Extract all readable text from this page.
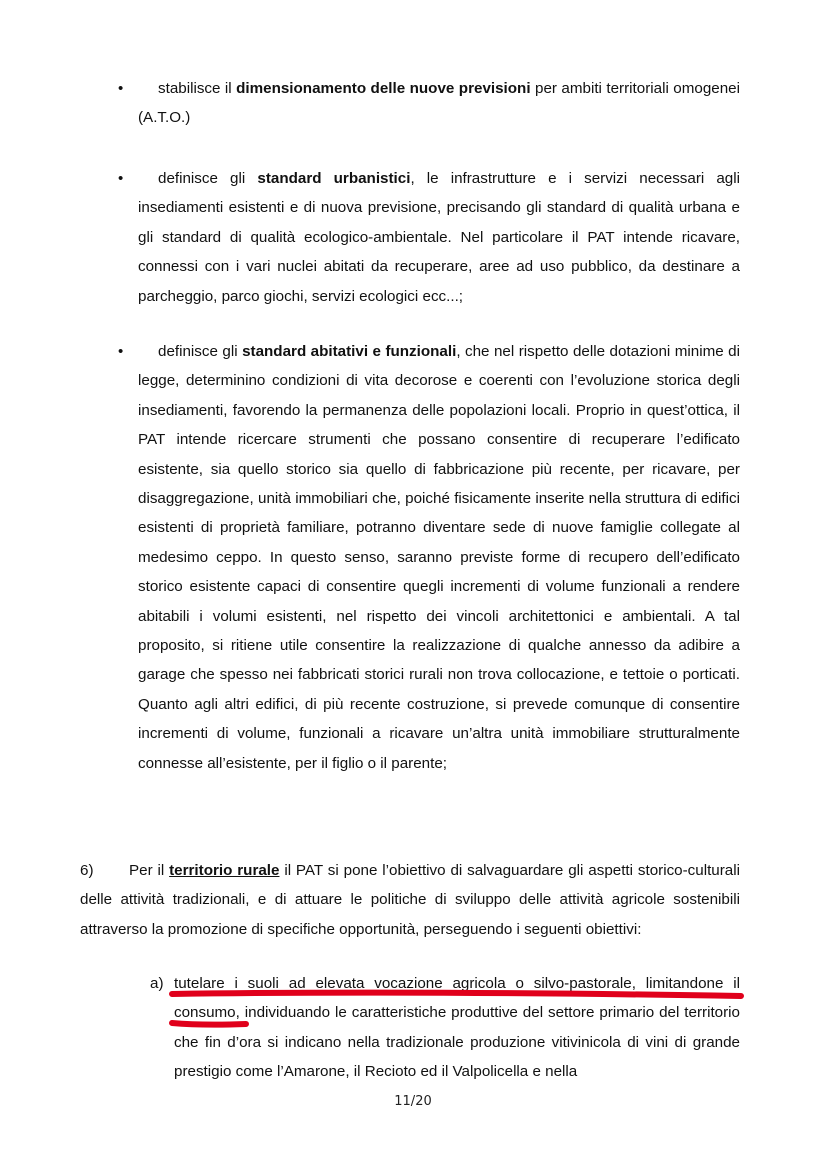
•	stabilisce il dimensionamento delle nuove previsioni per ambiti territoriali omogenei (A.T.O.)
•	definisce gli standard urbanistici, le infrastrutture e i servizi necessari agli insediamenti esistenti e di nuova previsione, precisando gli standard di qualità urbana e gli standard di qualità ecologico-ambientale. Nel particolare il PAT intende ricavare, connessi con i vari nuclei abitati da recuperare, aree ad uso pubblico, da destinare a parcheggio, parco giochi, servizi ecologici ecc...;
•	definisce gli standard abitativi e funzionali, che nel rispetto delle dotazioni minime di legge, determinino condizioni di vita decorose e coerenti con l’evoluzione storica degli insediamenti, favorendo la permanenza delle popolazioni locali. Proprio in quest’ottica, il PAT intende ricercare strumenti che possano consentire di recuperare l’edificato esistente, sia quello storico sia quello di fabbricazione più recente, per ricavare, per disaggregazione, unità immobiliari che, poiché fisicamente inserite nella struttura di edifici esistenti di proprietà familiare, potranno diventare sede di nuove famiglie collegate al medesimo ceppo. In questo senso, saranno previste forme di recupero dell’edificato storico esistente capaci di consentire quegli incrementi di volume funzionali a rendere abitabili i volumi esistenti, nel rispetto dei vincoli architettonici e ambientali. A tal proposito, si ritiene utile consentire la realizzazione di qualche annesso da adibire a garage che spesso nei fabbricati storici rurali non trova collocazione, e tettoie o porticati. Quanto agli altri edifici, di più recente costruzione, si prevede comunque di consentire incrementi di volume, funzionali a ricavare un’altra unità immobiliare strutturalmente connesse all’esistente, per il figlio o il parente;
6) Per il territorio rurale il PAT si pone l’obiettivo di salvaguardare gli aspetti storico-culturali delle attività tradizionali, e di attuare le politiche di sviluppo delle attività agricole sostenibili attraverso la promozione di specifiche opportunità, perseguendo i seguenti obiettivi:
a) tutelare i suoli ad elevata vocazione agricola o silvo-pastorale, limitandone il consumo, individuando le caratteristiche produttive del settore primario del territorio che fin d’ora si indicano nella tradizionale produzione vitivinicola di vini di grande prestigio come l’Amarone, il Recioto ed il Valpolicella e nella
11/20
